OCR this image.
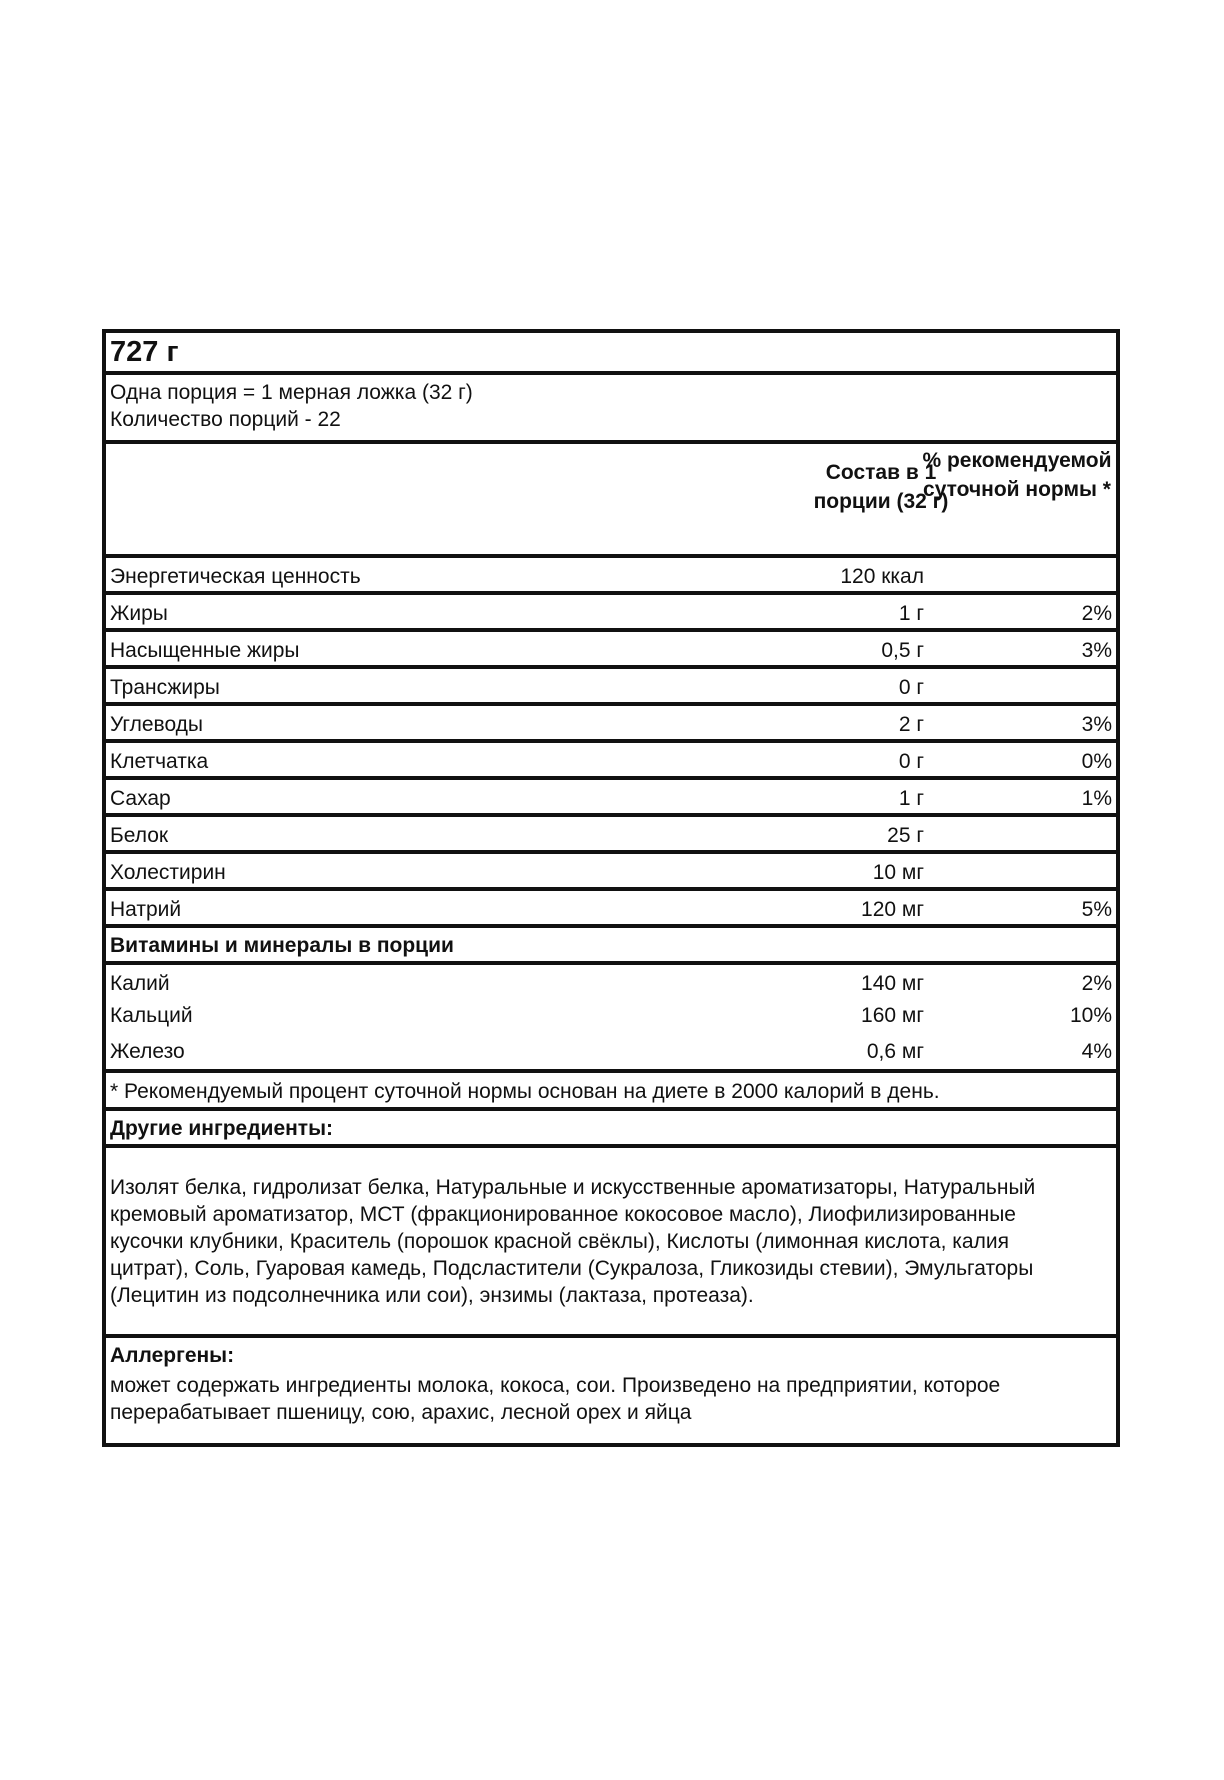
727 г
Одна порция = 1 мерная ложка (32 г)
Количество порций - 22
Состав в 1 порции (32 г)
% рекомендуемой суточной нормы *
Энергетическая ценность	120 ккал
Жиры	1 г	2%
Насыщенные жиры	0,5 г	3%
Трансжиры	0 г
Углеводы	2 г	3%
Клетчатка	0 г	0%
Сахар	1 г	1%
Белок	25 г
Холестирин	10 мг
Натрий	120 мг	5%
Витамины и минералы в порции
Калий	140 мг	2%
Кальций	160 мг	10%
Железо	0,6 мг	4%
* Рекомендуемый процент суточной нормы основан на диете в 2000 калорий в день.
Другие ингредиенты:
Изолят белка, гидролизат белка, Натуральные и искусственные ароматизаторы, Натуральный кремовый ароматизатор, МСТ (фракционированное кокосовое масло), Лиофилизированные кусочки клубники, Краситель (порошок красной свёклы), Кислоты (лимонная кислота, калия цитрат), Соль, Гуаровая камедь, Подсластители (Сукралоза, Гликозиды стевии), Эмульгаторы (Лецитин из подсолнечника или сои), энзимы (лактаза, протеаза).
Аллергены:
может содержать ингредиенты молока, кокоса, сои. Произведено на предприятии, которое перерабатывает пшеницу, сою, арахис, лесной орех и яйца
